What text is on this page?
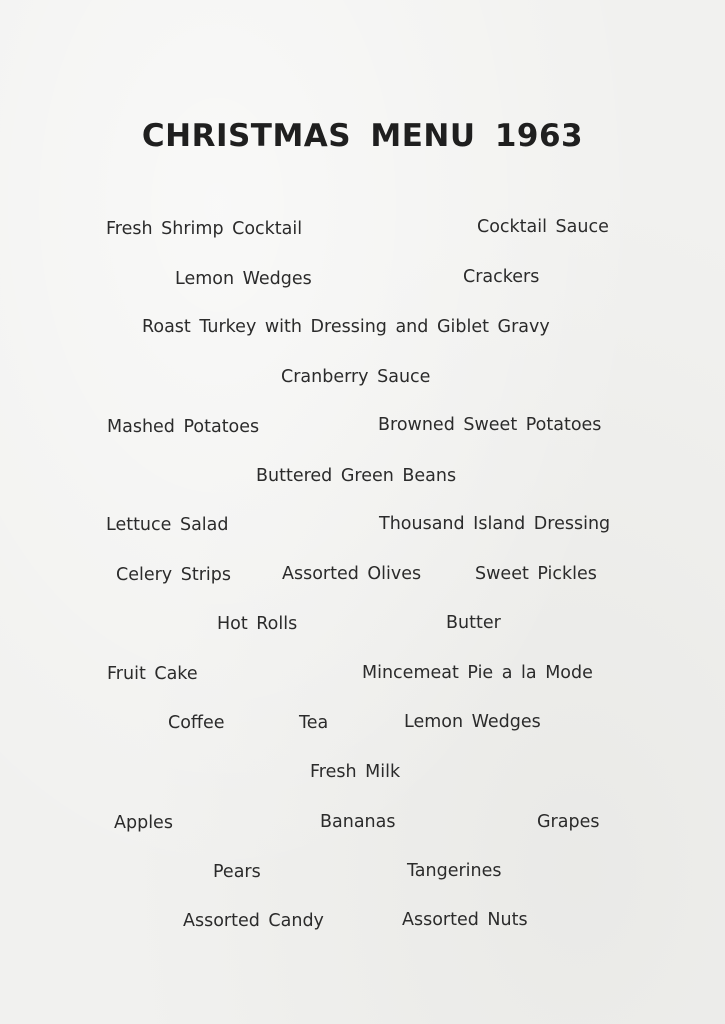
CHRISTMAS MENU 1963
Fresh Shrimp Cocktail	Cocktail Sauce
Lemon Wedges	Crackers
Roast Turkey with Dressing and Giblet Gravy
Cranberry Sauce
Mashed Potatoes	Browned Sweet Potatoes
Buttered Green Beans
Lettuce Salad	Thousand Island Dressing
Celery Strips	Assorted Olives	Sweet Pickles
Hot Rolls	Butter
Fruit Cake	Mincemeat Pie a la Mode
Coffee	Tea	Lemon Wedges
Fresh Milk
Apples	Bananas	Grapes
Pears	Tangerines
Assorted Candy	Assorted Nuts
